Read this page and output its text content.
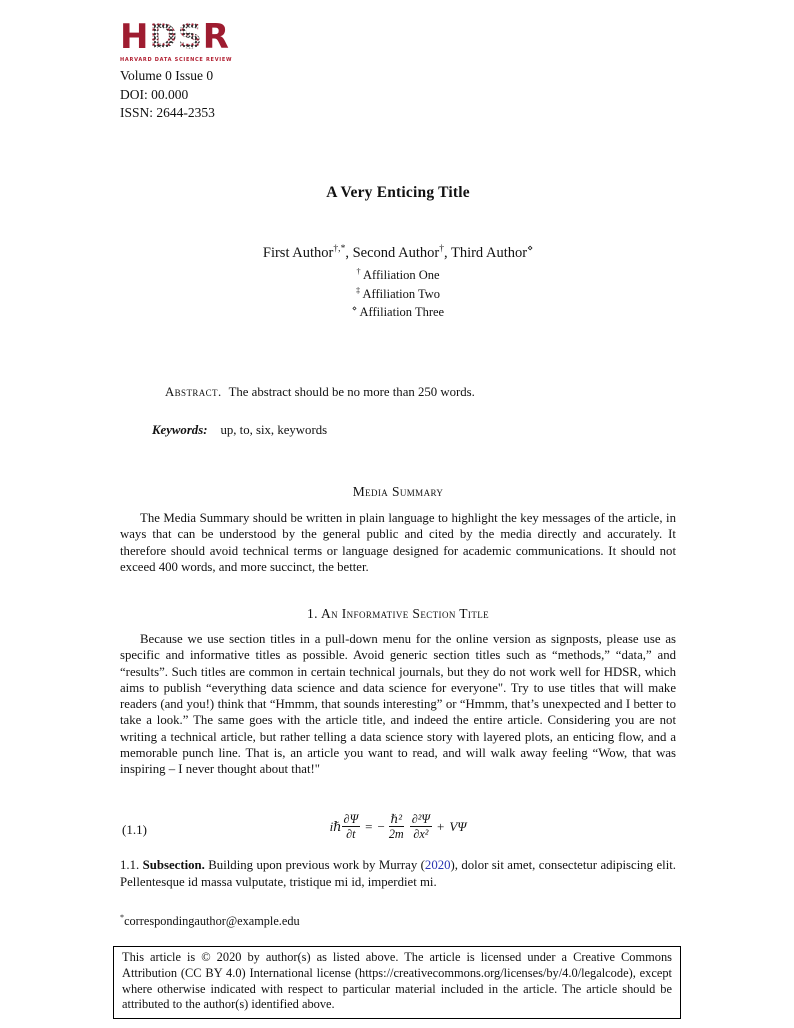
HDSR
HARVARD DATA SCIENCE REVIEW
Volume 0 Issue 0
DOI: 00.000
ISSN: 2644-2353
A Very Enticing Title
First Author†,*, Second Author†, Third Author⋄
† Affiliation One
‡ Affiliation Two
⋄ Affiliation Three
Abstract. The abstract should be no more than 250 words.
Keywords: up, to, six, keywords
Media Summary
The Media Summary should be written in plain language to highlight the key messages of the article, in ways that can be understood by the general public and cited by the media directly and accurately. It therefore should avoid technical terms or language designed for academic communications. It should not exceed 400 words, and more succinct, the better.
1. An Informative Section Title
Because we use section titles in a pull-down menu for the online version as signposts, please use as specific and informative titles as possible. Avoid generic section titles such as “methods,” “data,” and “results”. Such titles are common in certain technical journals, but they do not work well for HDSR, which aims to publish “everything data science and data science for everyone". Try to use titles that will make readers (and you!) think that “Hmmm, that sounds interesting” or “Hmmm, that’s unexpected and I better to take a look.” The same goes with the article title, and indeed the entire article. Considering you are not writing a technical article, but rather telling a data science story with layered plots, an enticing flow, and a memorable punch line. That is, an article you want to read, and will walk away feeling “Wow, that was inspiring – I never thought about that!"
(1.1)	iℏ $\frac{\partial\Psi}{\partial t}$ = − $\frac{\text{ℏ²}}{2m} \frac{\text{∂²Ψ}}{\text{∂x²}} + V\Psi$
1.1. Subsection. Building upon previous work by Murray (2020), dolor sit amet, consectetur adipiscing elit. Pellentesque id massa vulputate, tristique mi id, imperdiet mi.
*correspondingauthor@example.edu
This article is © 2020 by author(s) as listed above. The article is licensed under a Creative Commons Attribution (CC BY 4.0) International license (https://creativecommons.org/licenses/by/4.0/legalcode), except where otherwise indicated with respect to particular material included in the article. The article should be attributed to the author(s) identified above.
